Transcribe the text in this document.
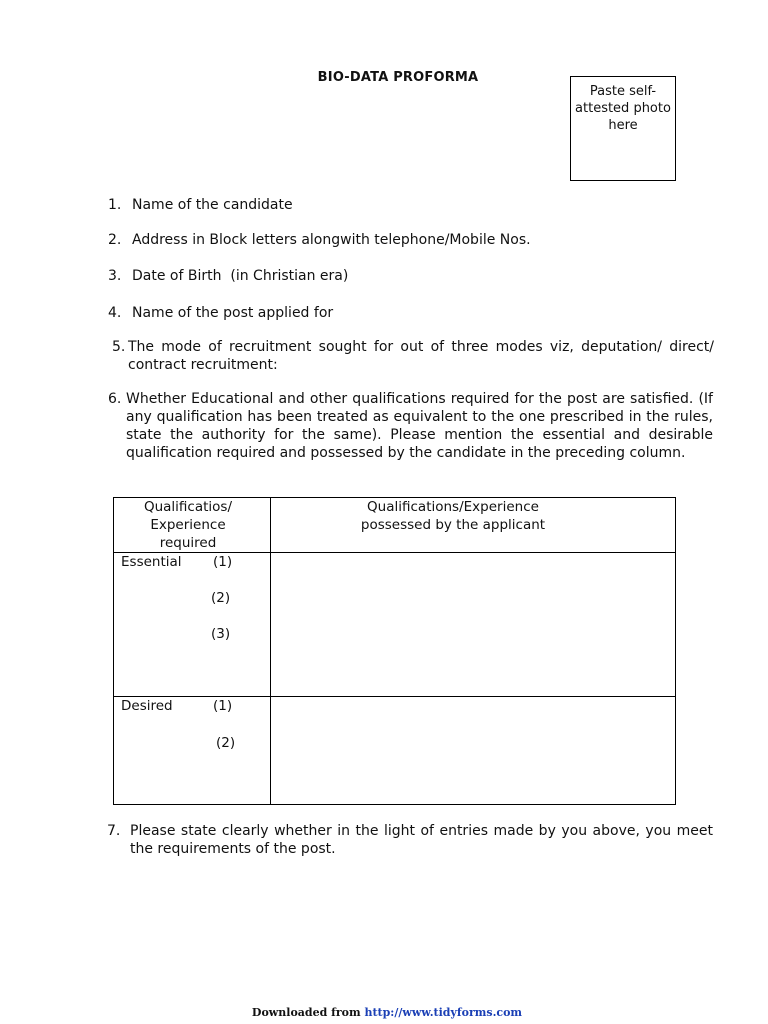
BIO-DATA PROFORMA
Paste self-attested photo here
1. Name of the candidate
2. Address in Block letters alongwith telephone/Mobile Nos.
3. Date of Birth  (in Christian era)
4. Name of the post applied for
5. The mode of recruitment sought for out of three modes viz, deputation/ direct/ contract recruitment:
6. Whether Educational and other qualifications required for the post are satisfied. (If any qualification has been treated as equivalent to the one prescribed in the rules, state the authority for the same). Please mention the essential and desirable qualification required and possessed by the candidate in the preceding column.
Qualificatios/ Experience required	Qualifications/Experience possessed by the applicant

Essential (1)
(2)
(3)	

Desired (1)
(2)	

7. Please state clearly whether in the light of entries made by you above, you meet the requirements of the post.
Downloaded from http://www.tidyforms.com
